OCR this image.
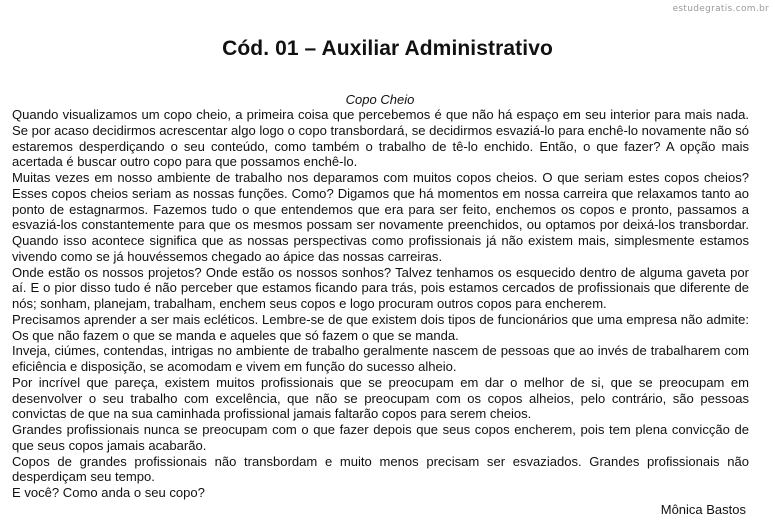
estudegratis.com.br
Cód. 01 – Auxiliar Administrativo
Copo Cheio

Quando visualizamos um copo cheio, a primeira coisa que percebemos é que não há espaço em seu interior para mais nada. Se por acaso decidirmos acrescentar algo logo o copo transbordará, se decidirmos esvaziá-lo para enchê-lo novamente não só estaremos desperdiçando o seu conteúdo, como também o trabalho de tê-lo enchido. Então, o que fazer? A opção mais acertada é buscar outro copo para que possamos enchê-lo.

Muitas vezes em nosso ambiente de trabalho nos deparamos com muitos copos cheios. O que seriam estes copos cheios? Esses copos cheios seriam as nossas funções. Como? Digamos que há momentos em nossa carreira que relaxamos tanto ao ponto de estagnarmos. Fazemos tudo o que entendemos que era para ser feito, enchemos os copos e pronto, passamos a esvaziá-los constantemente para que os mesmos possam ser novamente preenchidos, ou optamos por deixá-los transbordar. Quando isso acontece significa que as nossas perspectivas como profissionais já não existem mais, simplesmente estamos vivendo como se já houvéssemos chegado ao ápice das nossas carreiras.

Onde estão os nossos projetos? Onde estão os nossos sonhos? Talvez tenhamos os esquecido dentro de alguma gaveta por aí. E o pior disso tudo é não perceber que estamos ficando para trás, pois estamos cercados de profissionais que diferente de nós; sonham, planejam, trabalham, enchem seus copos e logo procuram outros copos para encherem.

Precisamos aprender a ser mais ecléticos. Lembre-se de que existem dois tipos de funcionários que uma empresa não admite: Os que não fazem o que se manda e aqueles que só fazem o que se manda.

Inveja, ciúmes, contendas, intrigas no ambiente de trabalho geralmente nascem de pessoas que ao invés de trabalharem com eficiência e disposição, se acomodam e vivem em função do sucesso alheio.

Por incrível que pareça, existem muitos profissionais que se preocupam em dar o melhor de si, que se preocupam em desenvolver o seu trabalho com excelência, que não se preocupam com os copos alheios, pelo contrário, são pessoas convictas de que na sua caminhada profissional jamais faltarão copos para serem cheios.

Grandes profissionais nunca se preocupam com o que fazer depois que seus copos encherem, pois tem plena convicção de que seus copos jamais acabarão.

Copos de grandes profissionais não transbordam e muito menos precisam ser esvaziados. Grandes profissionais não desperdiçam seu tempo.

E você? Como anda o seu copo?

Mônica Bastos
